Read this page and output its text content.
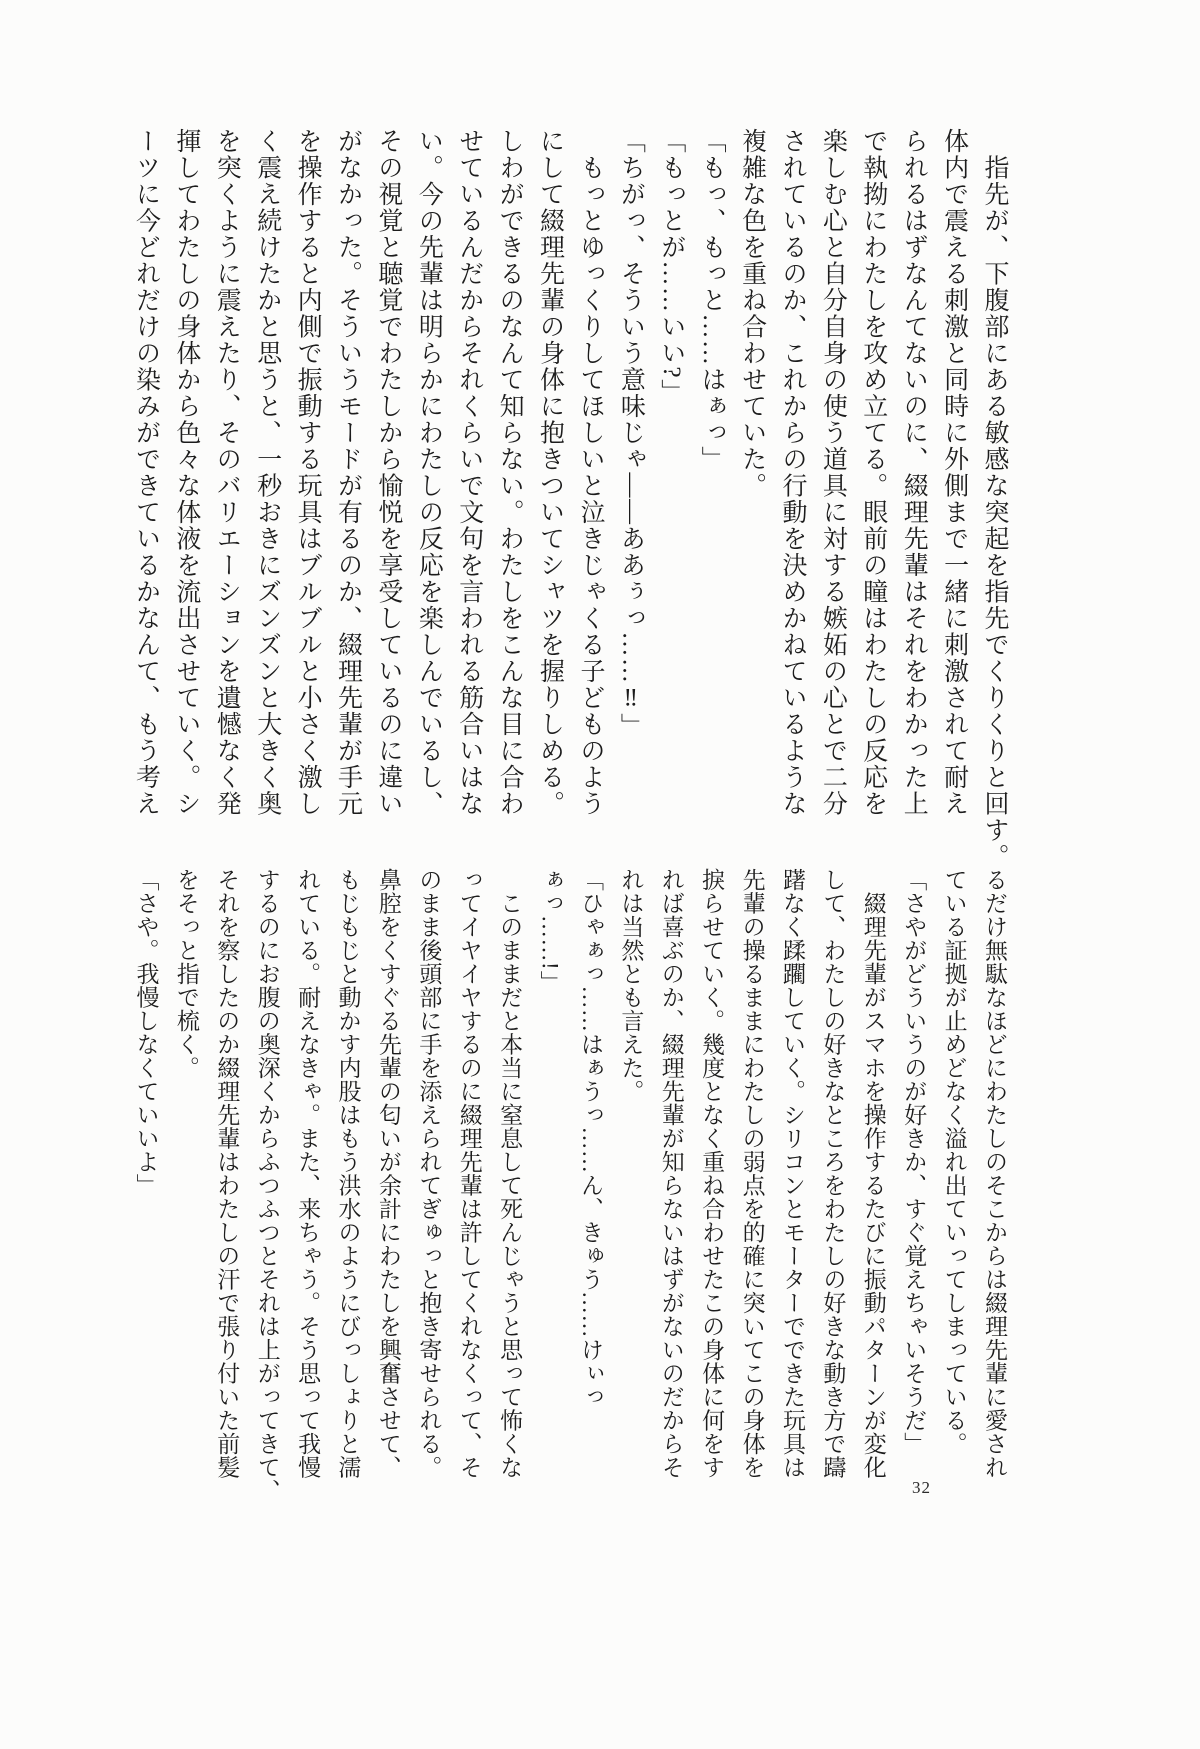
　指先が、下腹部にある敏感な突起を指先でくりくりと回す。
体内で震える刺激と同時に外側まで一緒に刺激されて耐え
られるはずなんてないのに、綴理先輩はそれをわかった上
で執拗にわたしを攻め立てる。眼前の瞳はわたしの反応を
楽しむ心と自分自身の使う道具に対する嫉妬の心とで二分
されているのか、これからの行動を決めかねているような
複雑な色を重ね合わせていた。
「もっ、もっと……はぁっ」
「もっとが……いい?」
「ちがっ、そういう意味じゃ——ああぅっ……‼」
　もっとゆっくりしてほしいと泣きじゃくる子どものよう
にして綴理先輩の身体に抱きついてシャツを握りしめる。
しわができるのなんて知らない。わたしをこんな目に合わ
せているんだからそれくらいで文句を言われる筋合いはな
い。今の先輩は明らかにわたしの反応を楽しんでいるし、
その視覚と聴覚でわたしから愉悦を享受しているのに違い
がなかった。そういうモードが有るのか、綴理先輩が手元
を操作すると内側で振動する玩具はブルブルと小さく激し
く震え続けたかと思うと、一秒おきにズンズンと大きく奥
を突くように震えたり、そのバリエーションを遺憾なく発
揮してわたしの身体から色々な体液を流出させていく。シ
ーツに今どれだけの染みができているかなんて、もう考え
るだけ無駄なほどにわたしのそこからは綴理先輩に愛され
ている証拠が止めどなく溢れ出ていってしまっている。
「さやがどういうのが好きか、すぐ覚えちゃいそうだ」
　綴理先輩がスマホを操作するたびに振動パターンが変化
して、わたしの好きなところをわたしの好きな動き方で躊
躇なく蹂躙していく。シリコンとモーターでできた玩具は
先輩の操るままにわたしの弱点を的確に突いてこの身体を
捩らせていく。幾度となく重ね合わせたこの身体に何をす
れば喜ぶのか、綴理先輩が知らないはずがないのだからそ
れは当然とも言えた。
「ひゃぁっ……はぁうっ……ん、きゅう……けぃっ
ぁっ……!」
　このままだと本当に窒息して死んじゃうと思って怖くな
ってイヤイヤするのに綴理先輩は許してくれなくって、そ
のまま後頭部に手を添えられてぎゅっと抱き寄せられる。
鼻腔をくすぐる先輩の匂いが余計にわたしを興奮させて、
もじもじと動かす内股はもう洪水のようにびっしょりと濡
れている。耐えなきゃ。また、来ちゃう。そう思って我慢
するのにお腹の奥深くからふつふつとそれは上がってきて、
それを察したのか綴理先輩はわたしの汗で張り付いた前髪
をそっと指で梳く。
「さや。我慢しなくていいよ」
32
